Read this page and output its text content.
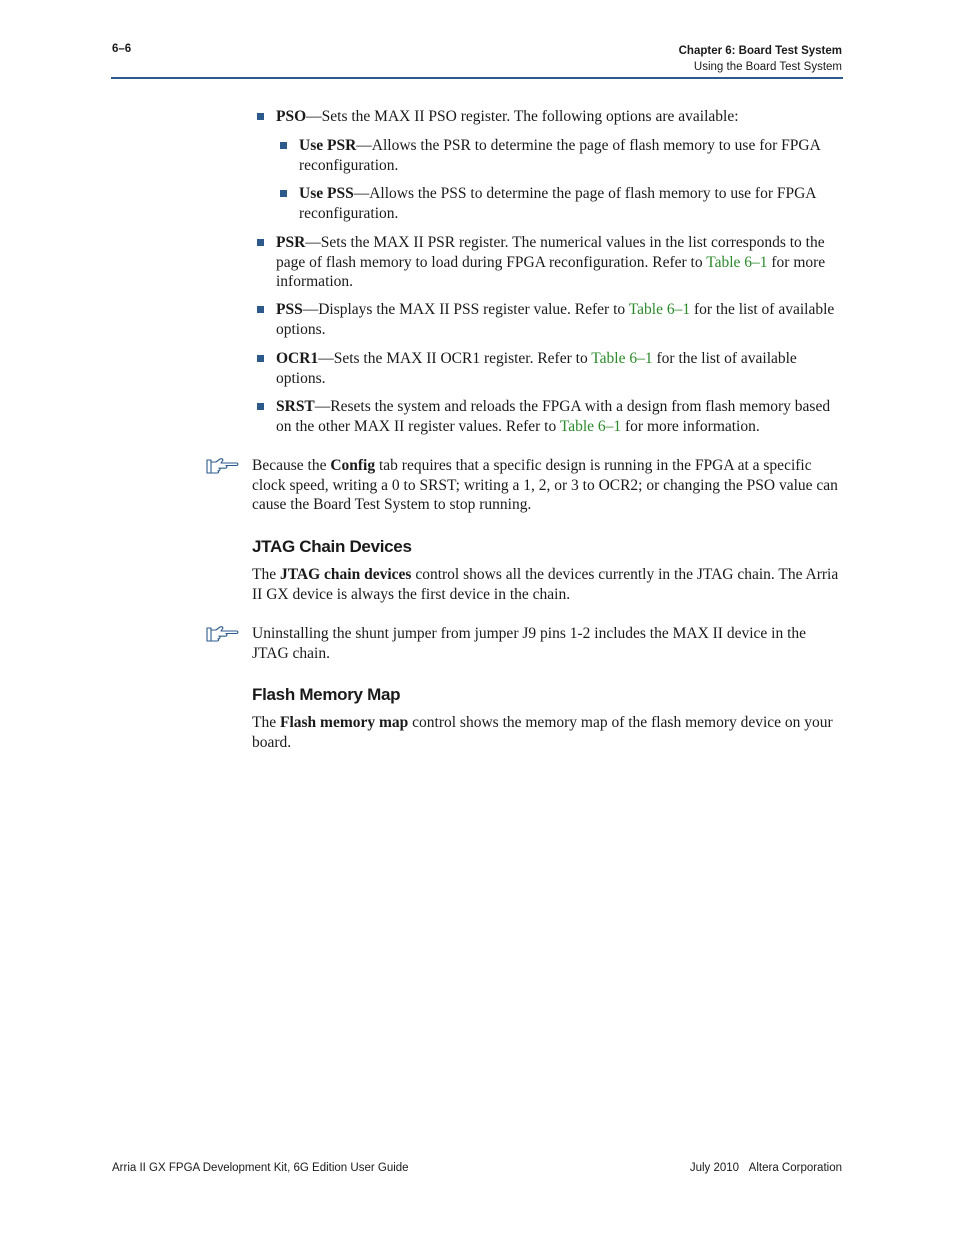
6–6	Chapter 6: Board Test System
Using the Board Test System
PSO—Sets the MAX II PSO register. The following options are available:
Use PSR—Allows the PSR to determine the page of flash memory to use for FPGA reconfiguration.
Use PSS—Allows the PSS to determine the page of flash memory to use for FPGA reconfiguration.
PSR—Sets the MAX II PSR register. The numerical values in the list corresponds to the page of flash memory to load during FPGA reconfiguration. Refer to Table 6–1 for more information.
PSS—Displays the MAX II PSS register value. Refer to Table 6–1 for the list of available options.
OCR1—Sets the MAX II OCR1 register. Refer to Table 6–1 for the list of available options.
SRST—Resets the system and reloads the FPGA with a design from flash memory based on the other MAX II register values. Refer to Table 6–1 for more information.
Because the Config tab requires that a specific design is running in the FPGA at a specific clock speed, writing a 0 to SRST; writing a 1, 2, or 3 to OCR2; or changing the PSO value can cause the Board Test System to stop running.
JTAG Chain Devices
The JTAG chain devices control shows all the devices currently in the JTAG chain. The Arria II GX device is always the first device in the chain.
Uninstalling the shunt jumper from jumper J9 pins 1-2 includes the MAX II device in the JTAG chain.
Flash Memory Map
The Flash memory map control shows the memory map of the flash memory device on your board.
Arria II GX FPGA Development Kit, 6G Edition User Guide	July 2010 Altera Corporation
